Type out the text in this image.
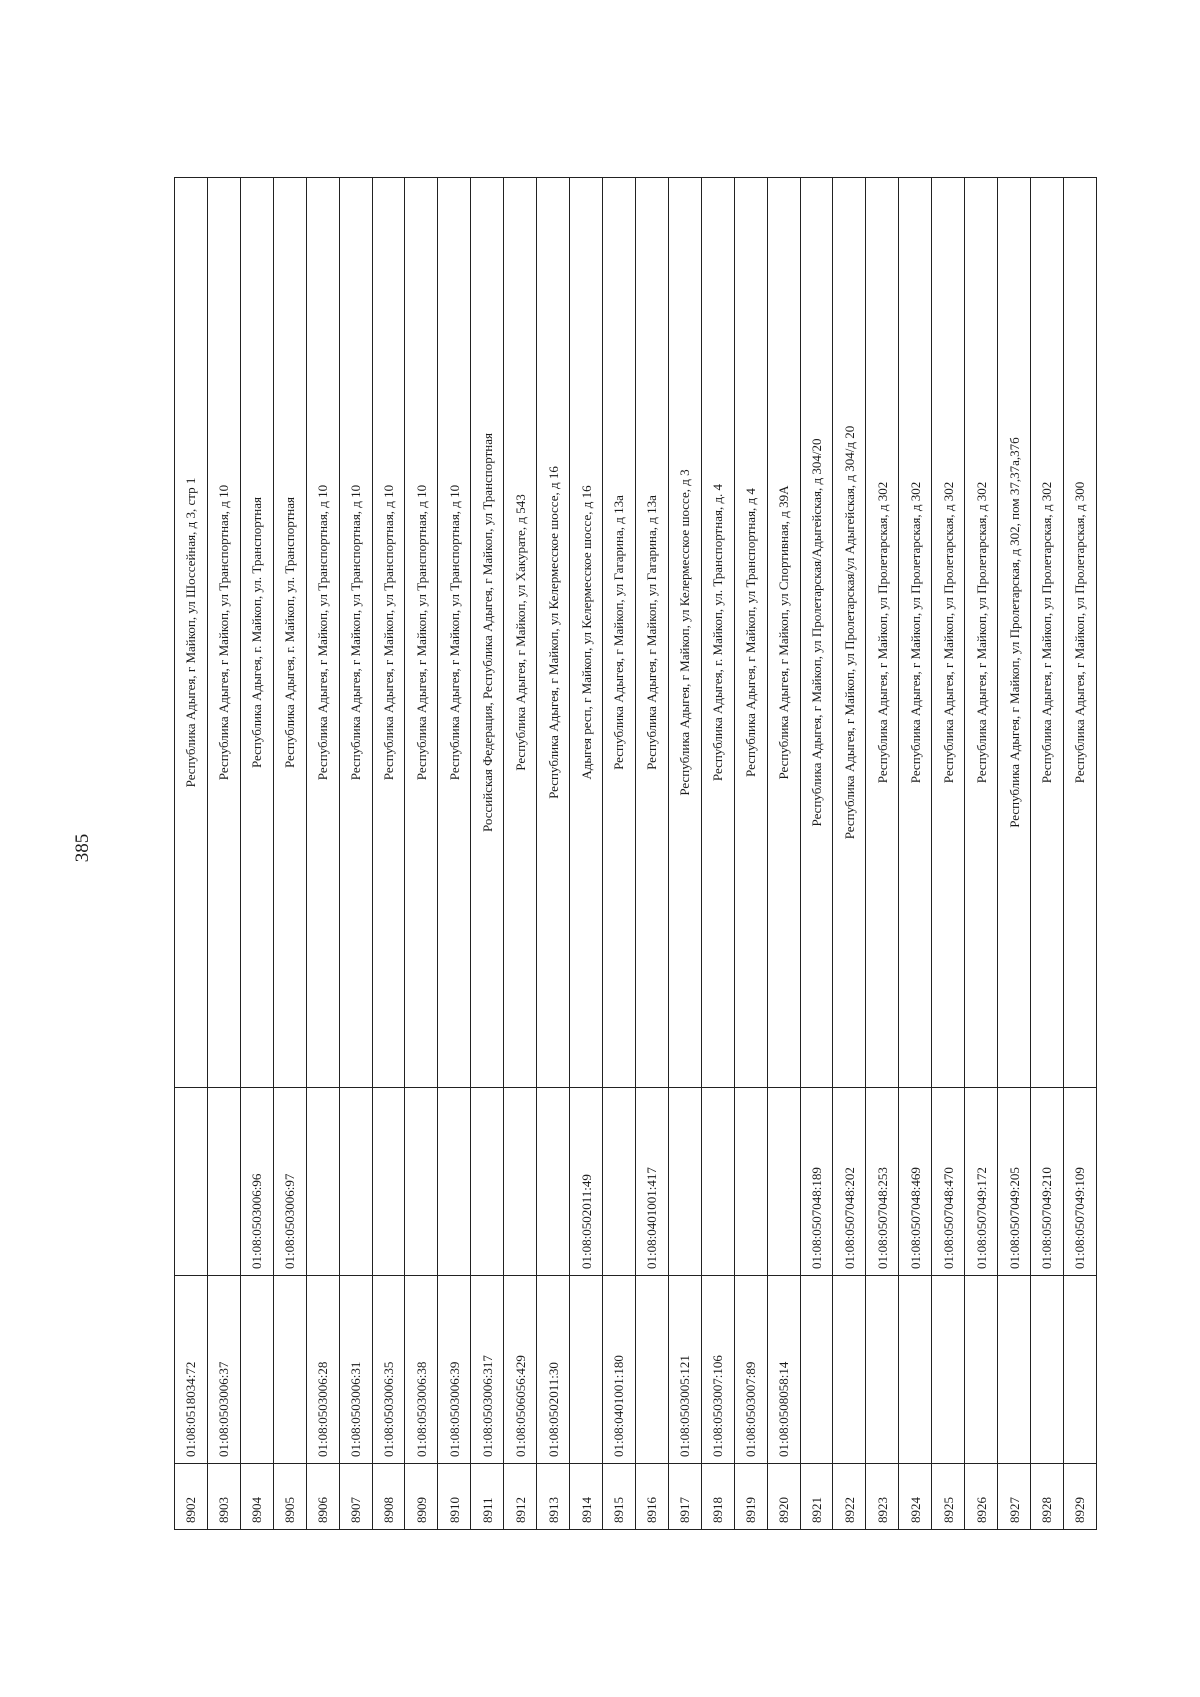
385
8902	01:08:0518034:72		Республика Адыгея, г Майкоп, ул Шоссейная, д 3, стр 1
8903	01:08:0503006:37		Республика Адыгея, г Майкоп, ул Транспортная, д 10
8904		01:08:0503006:96	Республика Адыгея, г. Майкоп, ул. Транспортная
8905		01:08:0503006:97	Республика Адыгея, г. Майкоп, ул. Транспортная
8906	01:08:0503006:28		Республика Адыгея, г Майкоп, ул Транспортная, д 10
8907	01:08:0503006:31		Республика Адыгея, г Майкоп, ул Транспортная, д 10
8908	01:08:0503006:35		Республика Адыгея, г Майкоп, ул Транспортная, д 10
8909	01:08:0503006:38		Республика Адыгея, г Майкоп, ул Транспортная, д 10
8910	01:08:0503006:39		Республика Адыгея, г Майкоп, ул Транспортная, д 10
8911	01:08:0503006:317		Российская Федерация, Республика Адыгея, г Майкоп, ул Транспортная
8912	01:08:0506056:429		Республика Адыгея, г Майкоп, ул Хакурате, д 543
8913	01:08:0502011:30		Республика Адыгея, г Майкоп, ул Келермесское шоссе, д 16
8914		01:08:0502011:49	Адыгея респ, г Майкоп, ул Келермесское шоссе, д 16
8915	01:08:0401001:180		Республика Адыгея, г Майкоп, ул Гагарина, д 13а
8916		01:08:0401001:417	Республика Адыгея, г Майкоп, ул Гагарина, д 13а
8917	01:08:0503005:121		Республика Адыгея, г Майкоп, ул Келермесское шоссе, д 3
8918	01:08:0503007:106		Республика Адыгея, г. Майкоп, ул. Транспортная, д. 4
8919	01:08:0503007:89		Республика Адыгея, г Майкоп, ул Транспортная, д 4
8920	01:08:0508058:14		Республика Адыгея, г Майкоп, ул Спортивная, д 39А
8921		01:08:0507048:189	Республика Адыгея, г Майкоп, ул Пролетарская/Адыгейская, д 304/20
8922		01:08:0507048:202	Республика Адыгея, г Майкоп, ул Пролетарская/ул Адыгейская, д 304/д 20
8923		01:08:0507048:253	Республика Адыгея, г Майкоп, ул Пролетарская, д 302
8924		01:08:0507048:469	Республика Адыгея, г Майкоп, ул Пролетарская, д 302
8925		01:08:0507048:470	Республика Адыгея, г Майкоп, ул Пролетарская, д 302
8926		01:08:0507049:172	Республика Адыгея, г Майкоп, ул Пролетарская, д 302
8927		01:08:0507049:205	Республика Адыгея, г Майкоп, ул Пролетарская, д 302, пом 37,37а,37б
8928		01:08:0507049:210	Республика Адыгея, г Майкоп, ул Пролетарская, д 302
8929		01:08:0507049:109	Республика Адыгея, г Майкоп, ул Пролетарская, д 300
